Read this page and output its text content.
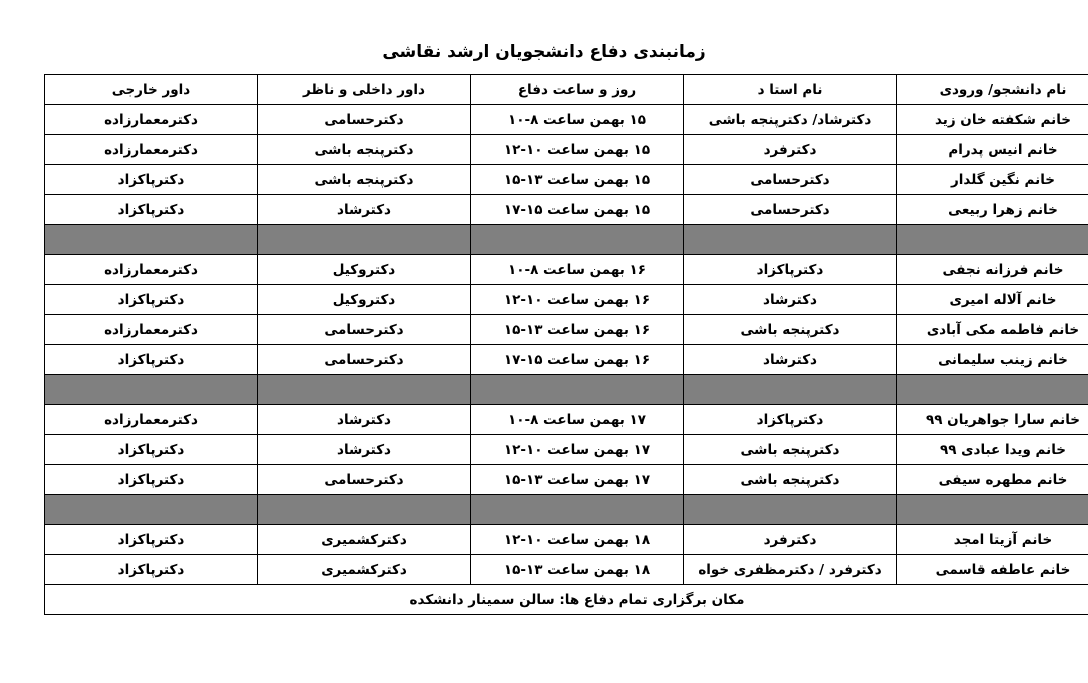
زمانبندی دفاع دانشجویان ارشد نقاشی
نام دانشجو/ ورودی	نام استا د	روز و ساعت دفاع	داور داخلی و ناظر	داور خارجی
خانم شکفته خان زید	دکترشاد/ دکترپنجه باشی	۱۵ بهمن ساعت ۸-۱۰	دکترحسامی	دکترمعمارزاده
خانم انیس پدرام	دکترفرد	۱۵ بهمن ساعت ۱۰-۱۲	دکترپنجه باشی	دکترمعمارزاده
خانم نگین گلدار	دکترحسامی	۱۵ بهمن ساعت ۱۳-۱۵	دکترپنجه باشی	دکترپاکزاد
خانم زهرا ربیعی	دکترحسامی	۱۵ بهمن ساعت ۱۵-۱۷	دکترشاد	دکترپاکزاد

خانم فرزانه نجفی	دکترپاکزاد	۱۶ بهمن ساعت ۸-۱۰	دکتروکیل	دکترمعمارزاده
خانم آلاله امیری	دکترشاد	۱۶ بهمن ساعت ۱۰-۱۲	دکتروکیل	دکترپاکزاد
خانم فاطمه مکی آبادی	دکترپنجه باشی	۱۶ بهمن ساعت ۱۳-۱۵	دکترحسامی	دکترمعمارزاده
خانم زینب سلیمانی	دکترشاد	۱۶ بهمن ساعت ۱۵-۱۷	دکترحسامی	دکترپاکزاد

خانم سارا جواهریان ۹۹	دکترپاکزاد	۱۷ بهمن ساعت ۸-۱۰	دکترشاد	دکترمعمارزاده
خانم ویدا عبادی ۹۹	دکترپنجه باشی	۱۷ بهمن ساعت ۱۰-۱۲	دکترشاد	دکترپاکزاد
خانم مطهره سیفی	دکترپنجه باشی	۱۷ بهمن ساعت ۱۳-۱۵	دکترحسامی	دکترپاکزاد

خانم آزیتا امجد	دکترفرد	۱۸ بهمن ساعت ۱۰-۱۲	دکترکشمیری	دکترپاکزاد
خانم عاطفه قاسمی	دکترفرد / دکترمظفری خواه	۱۸ بهمن ساعت ۱۳-۱۵	دکترکشمیری	دکترپاکزاد
مکان برگزاری تمام دفاع ها: سالن سمینار دانشکده				
